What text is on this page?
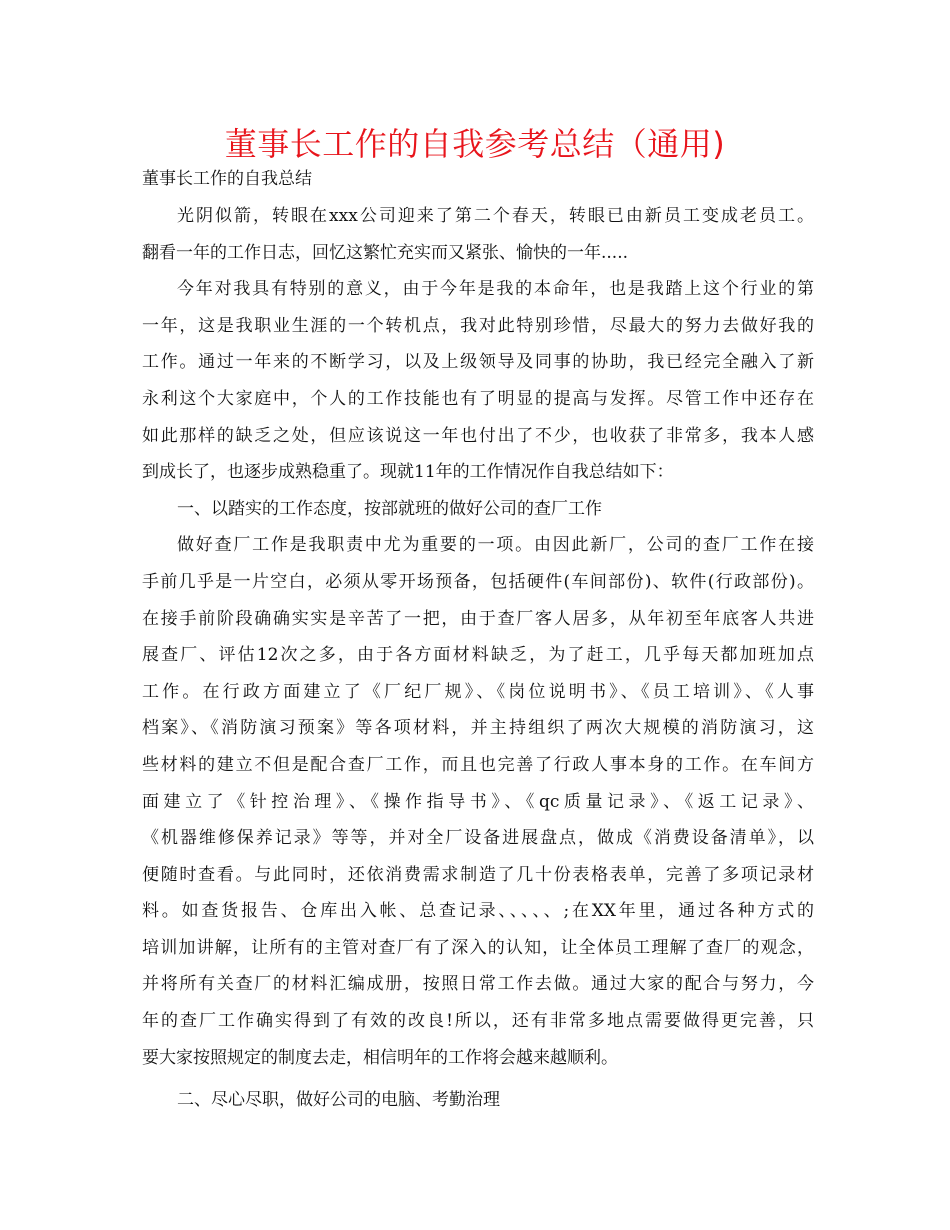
董事长工作的自我参考总结（通用)
董事长工作的自我总结
光阴似箭，转眼在xxx公司迎来了第二个春天，转眼已由新员工变成老员工。
翻看一年的工作日志，回忆这繁忙充实而又紧张、愉快的一年.....
今年对我具有特别的意义，由于今年是我的本命年，也是我踏上这个行业的第
一年，这是我职业生涯的一个转机点，我对此特别珍惜，尽最大的努力去做好我的
工作。通过一年来的不断学习，以及上级领导及同事的协助，我已经完全融入了新
永利这个大家庭中，个人的工作技能也有了明显的提高与发挥。尽管工作中还存在
如此那样的缺乏之处，但应该说这一年也付出了不少，也收获了非常多，我本人感
到成长了，也逐步成熟稳重了。现就11年的工作情况作自我总结如下：
一、以踏实的工作态度，按部就班的做好公司的查厂工作
做好查厂工作是我职责中尤为重要的一项。由因此新厂，公司的查厂工作在接
手前几乎是一片空白，必须从零开场预备，包括硬件(车间部份)、软件(行政部份)。
在接手前阶段确确实实是辛苦了一把，由于查厂客人居多，从年初至年底客人共进
展查厂、评估12次之多，由于各方面材料缺乏，为了赶工，几乎每天都加班加点
工作。在行政方面建立了《厂纪厂规》、《岗位说明书》、《员工培训》、《人事
档案》、《消防演习预案》等各项材料，并主持组织了两次大规模的消防演习，这
些材料的建立不但是配合查厂工作，而且也完善了行政人事本身的工作。在车间方
面建立了《针控治理》、《操作指导书》、《qc质量记录》、《返工记录》、
《机器维修保养记录》等等，并对全厂设备进展盘点，做成《消费设备清单》，以
便随时查看。与此同时，还依消费需求制造了几十份表格表单，完善了多项记录材
料。如查货报告、仓库出入帐、总查记录、、、、、;在XX年里，通过各种方式的
培训加讲解，让所有的主管对查厂有了深入的认知，让全体员工理解了查厂的观念，
并将所有关查厂的材料汇编成册，按照日常工作去做。通过大家的配合与努力，今
年的查厂工作确实得到了有效的改良!所以，还有非常多地点需要做得更完善，只
要大家按照规定的制度去走，相信明年的工作将会越来越顺利。
二、尽心尽职，做好公司的电脑、考勤治理
